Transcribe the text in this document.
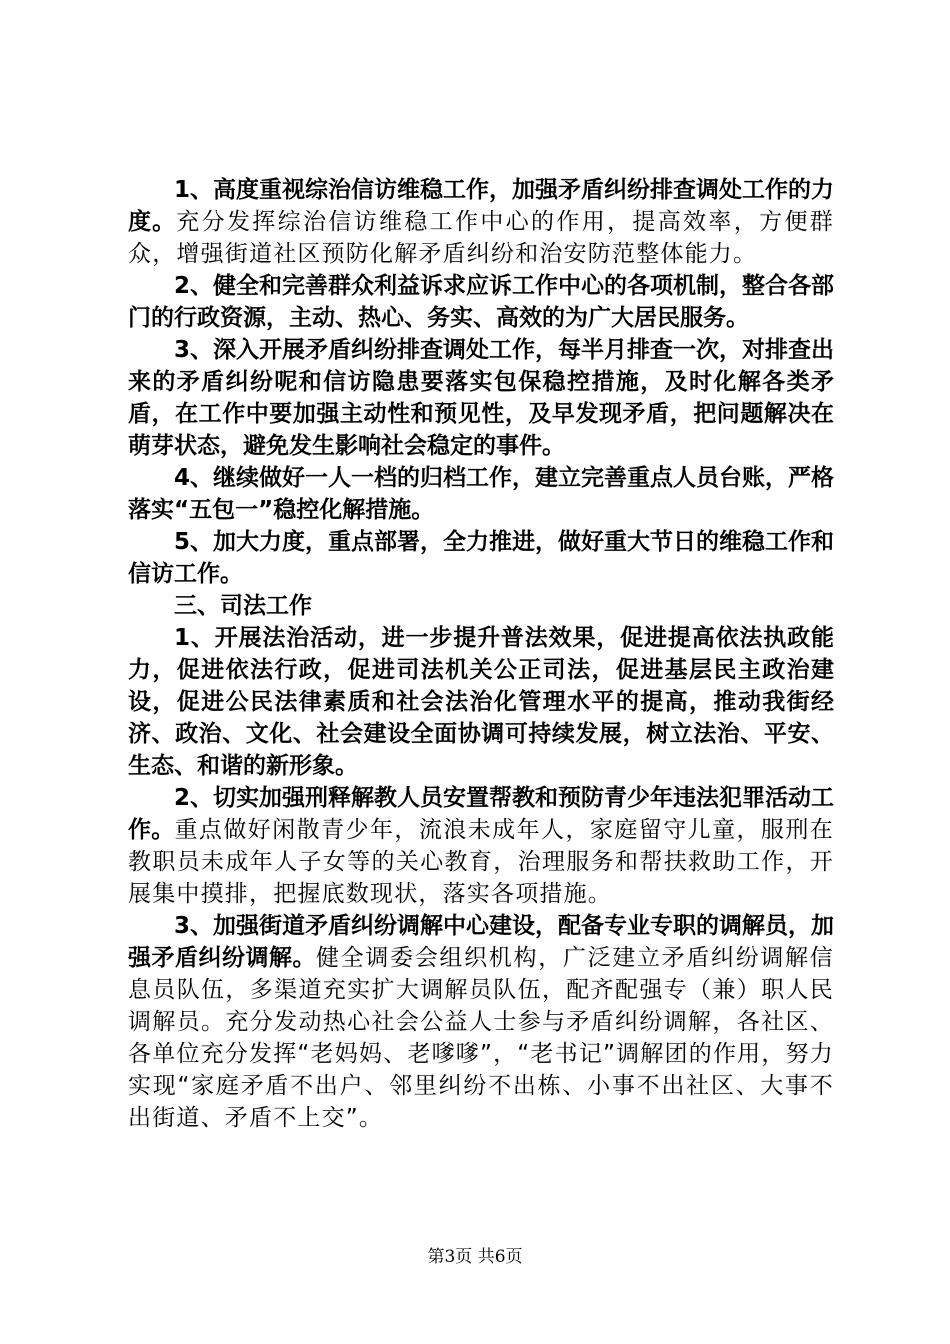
1、高度重视综治信访维稳工作，加强矛盾纠纷排查调处工作的力度。充分发挥综治信访维稳工作中心的作用，提高效率，方便群众，增强街道社区预防化解矛盾纠纷和治安防范整体能力。

2、健全和完善群众利益诉求应诉工作中心的各项机制，整合各部门的行政资源，主动、热心、务实、高效的为广大居民服务。

3、深入开展矛盾纠纷排查调处工作，每半月排查一次，对排查出来的矛盾纠纷呢和信访隐患要落实包保稳控措施，及时化解各类矛盾，在工作中要加强主动性和预见性，及早发现矛盾，把问题解决在萌芽状态，避免发生影响社会稳定的事件。

4、继续做好一人一档的归档工作，建立完善重点人员台账，严格落实“五包一”稳控化解措施。

5、加大力度，重点部署，全力推进，做好重大节日的维稳工作和信访工作。

三、司法工作

1、开展法治活动，进一步提升普法效果，促进提高依法执政能力，促进依法行政，促进司法机关公正司法，促进基层民主政治建设，促进公民法律素质和社会法治化管理水平的提高，推动我街经济、政治、文化、社会建设全面协调可持续发展，树立法治、平安、生态、和谐的新形象。

2、切实加强刑释解教人员安置帮教和预防青少年违法犯罪活动工作。重点做好闲散青少年，流浪未成年人，家庭留守儿童，服刑在教职员未成年人子女等的关心教育，治理服务和帮扶救助工作，开展集中摸排，把握底数现状，落实各项措施。

3、加强街道矛盾纠纷调解中心建设，配备专业专职的调解员，加强矛盾纠纷调解。健全调委会组织机构，广泛建立矛盾纠纷调解信息员队伍，多渠道充实扩大调解员队伍，配齐配强专（兼）职人民调解员。充分发动热心社会公益人士参与矛盾纠纷调解，各社区、各单位充分发挥“老妈妈、老嗲嗲”，“老书记”调解团的作用，努力实现“家庭矛盾不出户、邻里纠纷不出栋、小事不出社区、大事不出街道、矛盾不上交”。

第3页 共6页
